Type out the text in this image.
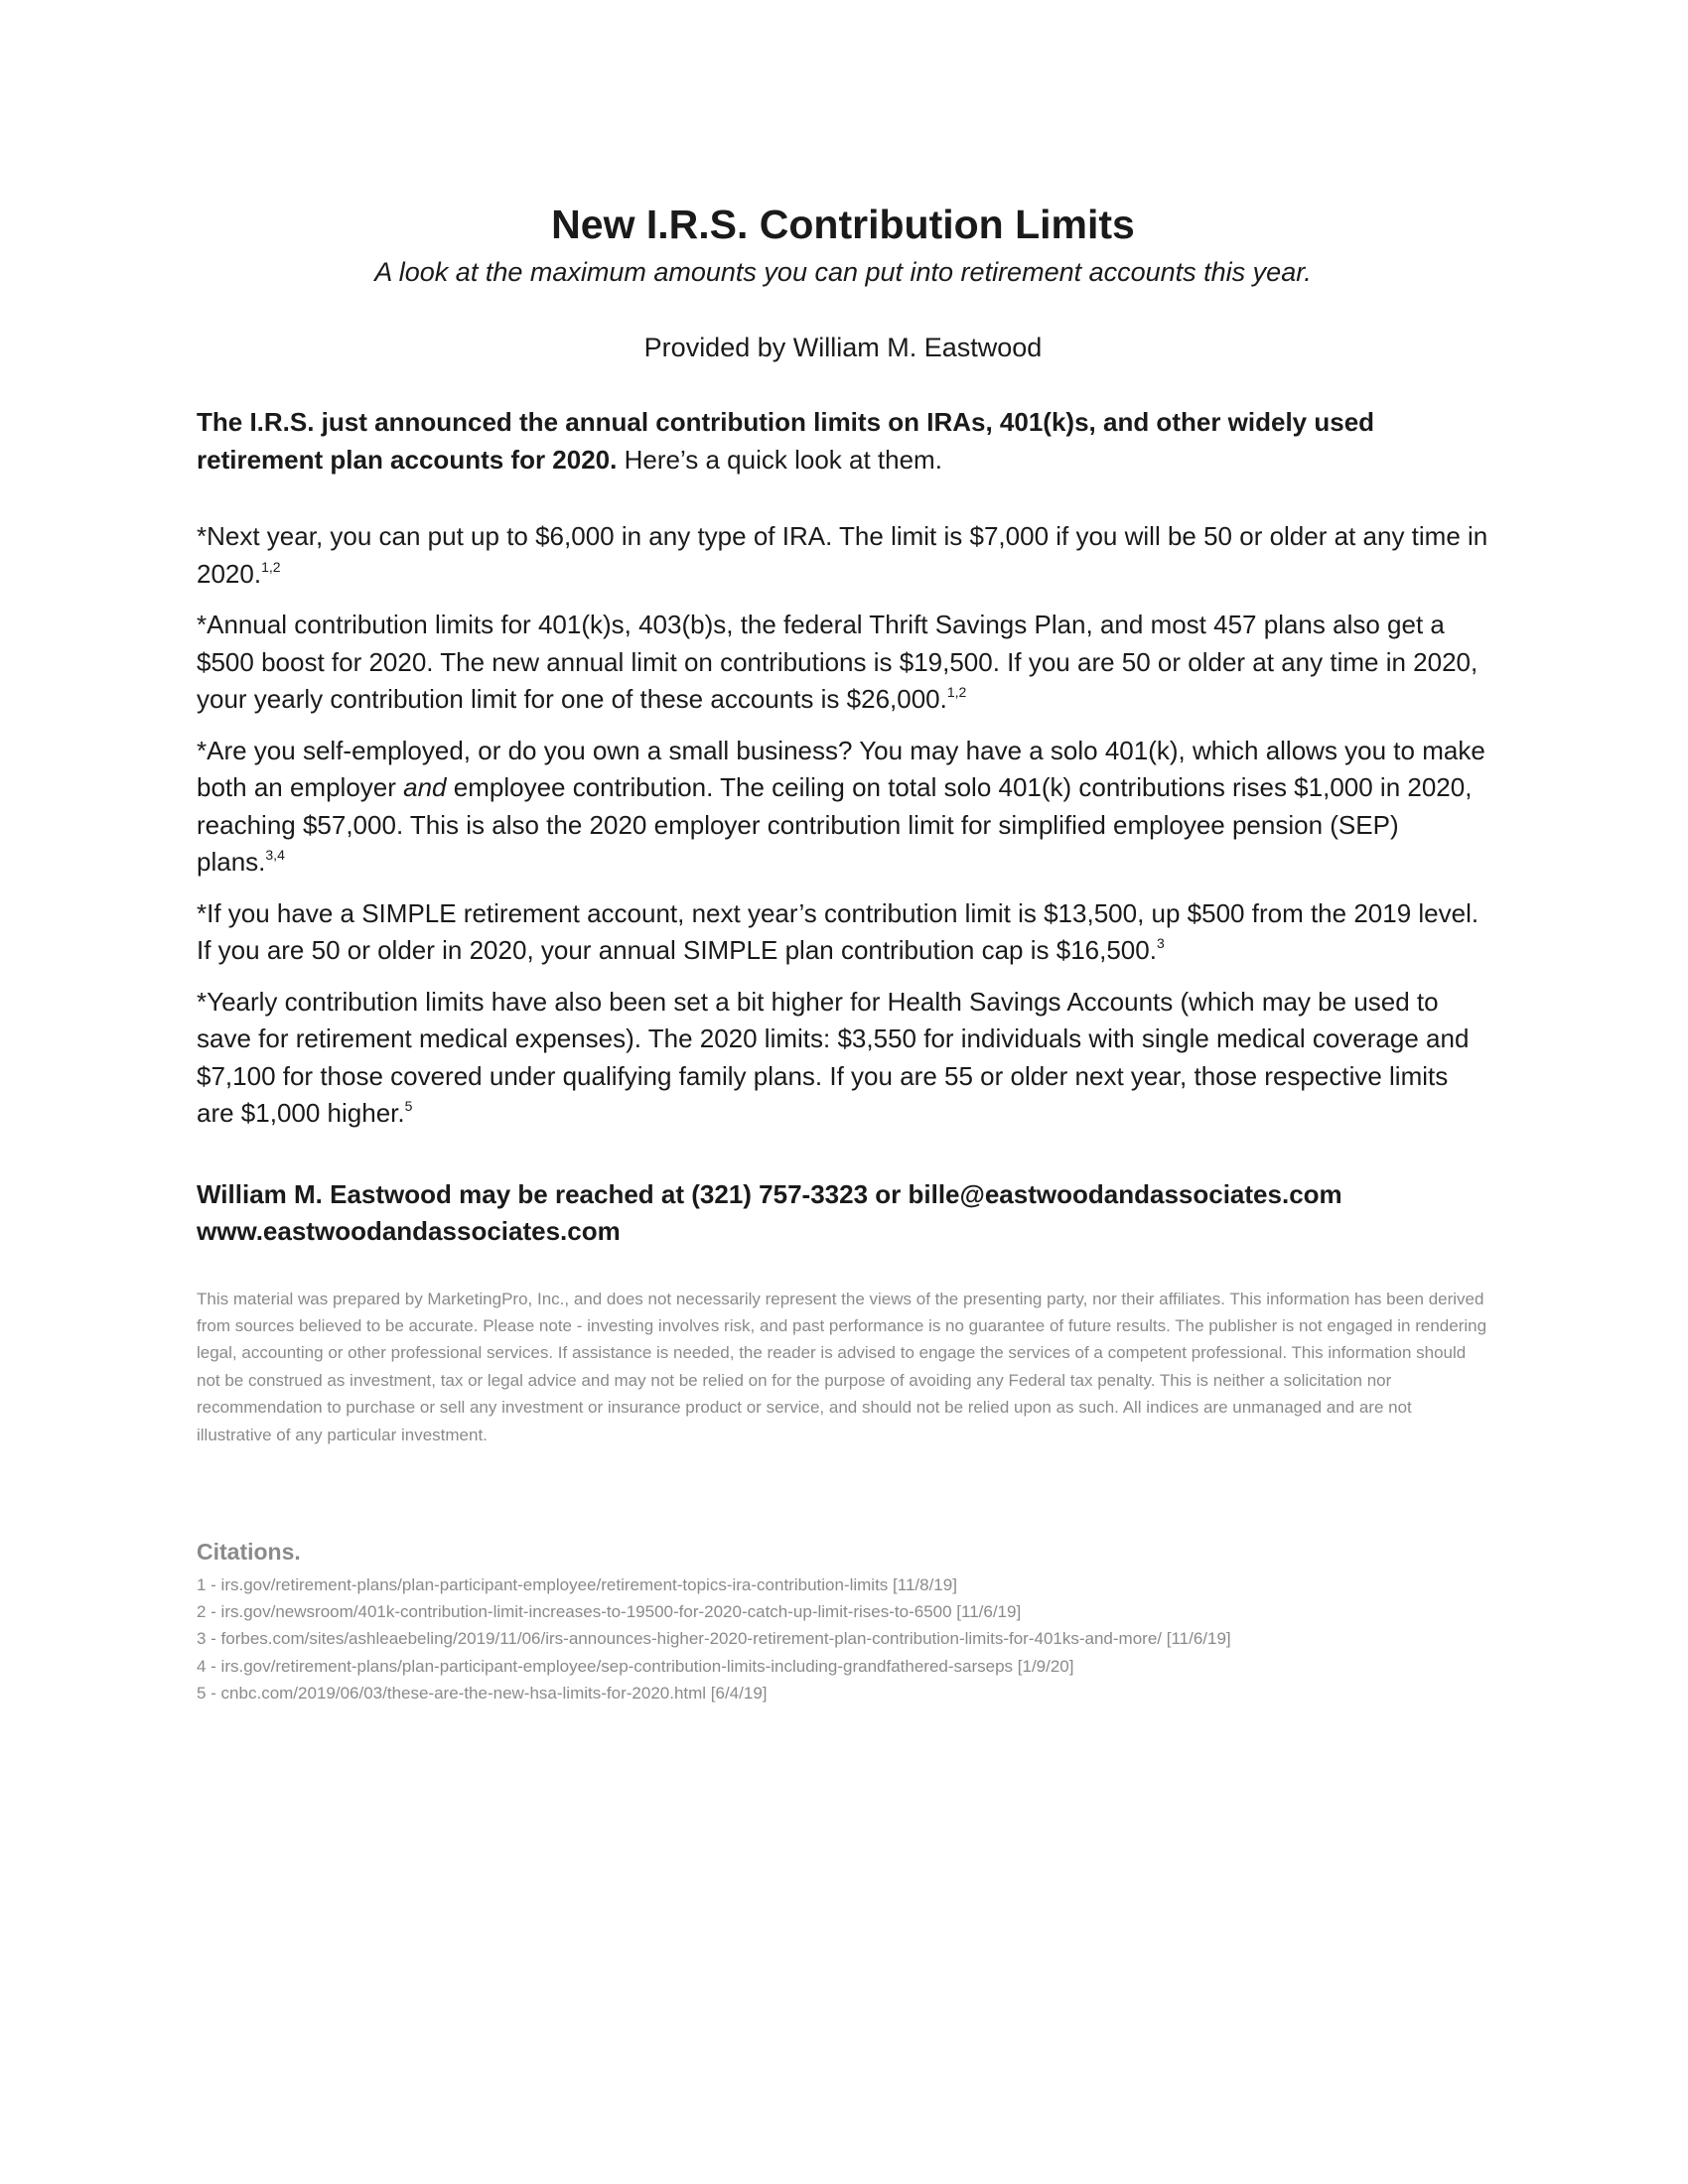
New I.R.S. Contribution Limits

A look at the maximum amounts you can put into retirement accounts this year.

Provided by William M. Eastwood

The I.R.S. just announced the annual contribution limits on IRAs, 401(k)s, and other widely used retirement plan accounts for 2020. Here’s a quick look at them.

*Next year, you can put up to $6,000 in any type of IRA. The limit is $7,000 if you will be 50 or older at any time in 2020.$^{1,2}$

*Annual contribution limits for 401(k)s, 403(b)s, the federal Thrift Savings Plan, and most 457 plans also get a $500 boost for 2020. The new annual limit on contributions is $19,500. If you are 50 or older at any time in 2020, your yearly contribution limit for one of these accounts is $26,000.$^{1,2}$

*Are you self-employed, or do you own a small business? You may have a solo 401(k), which allows you to make both an employer and employee contribution. The ceiling on total solo 401(k) contributions rises $1,000 in 2020, reaching $57,000. This is also the 2020 employer contribution limit for simplified employee pension (SEP) plans.$^{3,4}$

*If you have a SIMPLE retirement account, next year’s contribution limit is $13,500, up $500 from the 2019 level. If you are 50 or older in 2020, your annual SIMPLE plan contribution cap is $16,500.$^3$

*Yearly contribution limits have also been set a bit higher for Health Savings Accounts (which may be used to save for retirement medical expenses). The 2020 limits: $3,550 for individuals with single medical coverage and $7,100 for those covered under qualifying family plans. If you are 55 or older next year, those respective limits are $1,000 higher.$^5$

William M. Eastwood may be reached at (321) 757-3323 or bille@eastwoodandassociates.com
www.eastwoodandassociates.com

This material was prepared by MarketingPro, Inc., and does not necessarily represent the views of the presenting party, nor their affiliates. This information has been derived from sources believed to be accurate. Please note - investing involves risk, and past performance is no guarantee of future results. The publisher is not engaged in rendering legal, accounting or other professional services. If assistance is needed, the reader is advised to engage the services of a competent professional. This information should not be construed as investment, tax or legal advice and may not be relied on for the purpose of avoiding any Federal tax penalty. This is neither a solicitation nor recommendation to purchase or sell any investment or insurance product or service, and should not be relied upon as such. All indices are unmanaged and are not illustrative of any particular investment.

Citations.
1 - irs.gov/retirement-plans/plan-participant-employee/retirement-topics-ira-contribution-limits [11/8/19]
2 - irs.gov/newsroom/401k-contribution-limit-increases-to-19500-for-2020-catch-up-limit-rises-to-6500 [11/6/19]
3 - forbes.com/sites/ashleaebeling/2019/11/06/irs-announces-higher-2020-retirement-plan-contribution-limits-for-401ks-and-more/ [11/6/19]
4 - irs.gov/retirement-plans/plan-participant-employee/sep-contribution-limits-including-grandfathered-sarseps [1/9/20]
5 - cnbc.com/2019/06/03/these-are-the-new-hsa-limits-for-2020.html [6/4/19]
